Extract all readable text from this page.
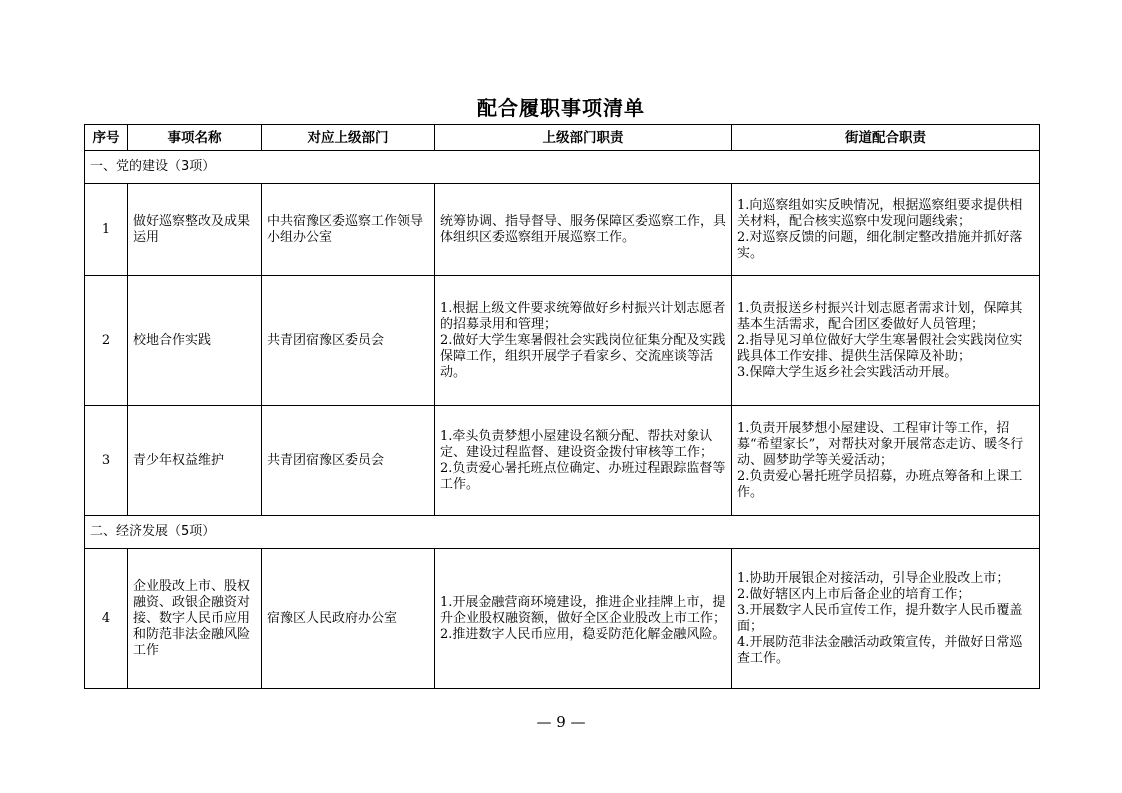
配合履职事项清单
序号	事项名称	对应上级部门	上级部门职责	街道配合职责
一、党的建设（3项）				
1	做好巡察整改及成果运用	中共宿豫区委巡察工作领导小组办公室	统筹协调、指导督导、服务保障区委巡察工作，具体组织区委巡察组开展巡察工作。	1.向巡察组如实反映情况，根据巡察组要求提供相关材料，配合核实巡察中发现问题线索；
2.对巡察反馈的问题，细化制定整改措施并抓好落实。

2	校地合作实践	共青团宿豫区委员会	1.根据上级文件要求统筹做好乡村振兴计划志愿者的招募录用和管理；
2.做好大学生寒暑假社会实践岗位征集分配及实践保障工作，组织开展学子看家乡、交流座谈等活动。	1.负责报送乡村振兴计划志愿者需求计划，保障其基本生活需求，配合团区委做好人员管理；
2.指导见习单位做好大学生寒暑假社会实践岗位实践具体工作安排、提供生活保障及补助；
3.保障大学生返乡社会实践活动开展。

3	青少年权益维护	共青团宿豫区委员会	1.牵头负责梦想小屋建设名额分配、帮扶对象认定、建设过程监督、建设资金拨付审核等工作；
2.负责爱心暑托班点位确定、办班过程跟踪监督等工作。	1.负责开展梦想小屋建设、工程审计等工作，招募“希望家长”，对帮扶对象开展常态走访、暖冬行动、圆梦助学等关爱活动；
2.负责爱心暑托班学员招募，办班点筹备和上课工作。

二、经济发展（5项）				
4	企业股改上市、股权融资、政银企融资对接、数字人民币应用和防范非法金融风险工作	宿豫区人民政府办公室	1.开展金融营商环境建设，推进企业挂牌上市，提升企业股权融资额，做好全区企业股改上市工作；
2.推进数字人民币应用，稳妥防范化解金融风险。	1.协助开展银企对接活动，引导企业股改上市；
2.做好辖区内上市后备企业的培育工作；
3.开展数字人民币宣传工作，提升数字人民币覆盖面；
4.开展防范非法金融活动政策宣传，并做好日常巡查工作。
— 9 —
